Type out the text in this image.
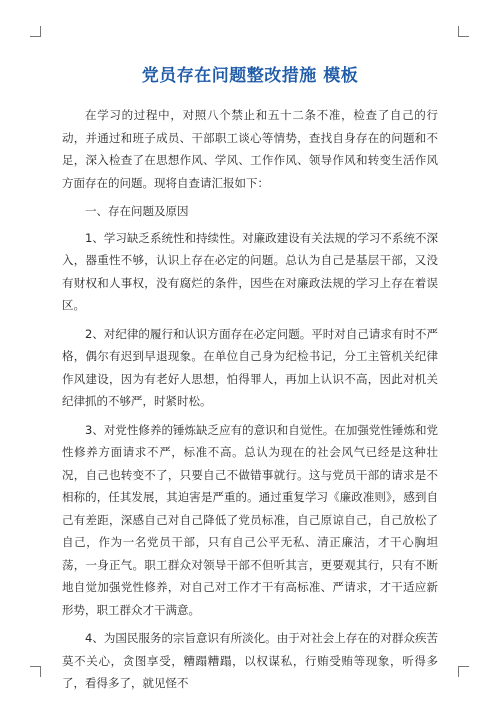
党员存在问题整改措施 模板

在学习的过程中，对照八个禁止和五十二条不准，检查了自己的行动，并通过和班子成员、干部职工谈心等情势，查找自身存在的问题和不足，深入检查了在思想作风、学风、工作作风、领导作风和转变生活作风方面存在的问题。现将自查请汇报如下：

一、存在问题及原因

1、学习缺乏系统性和持续性。对廉政建设有关法规的学习不系统不深入，器重性不够，认识上存在必定的问题。总认为自己是基层干部，又没有财权和人事权，没有腐烂的条件，因些在对廉政法规的学习上存在着误区。

2、对纪律的履行和认识方面存在必定问题。平时对自己请求有时不严格，偶尔有迟到早退现象。在单位自己身为纪检书记，分工主管机关纪律作风建设，因为有老好人思想，怕得罪人，再加上认识不高，因此对机关纪律抓的不够严，时紧时松。

3、对党性修养的锤炼缺乏应有的意识和自觉性。在加强党性锤炼和党性修养方面请求不严，标准不高。总认为现在的社会风气已经是这种壮况，自己也转变不了，只要自己不做错事就行。这与党员干部的请求是不相称的，任其发展，其迫害是严重的。通过重复学习《廉政准则》，感到自己有差距，深感自己对自己降低了党员标准，自己原谅自己，自己放松了自己，作为一名党员干部，只有自己公平无私、清正廉洁，才干心胸坦荡，一身正气。职工群众对领导干部不但听其言，更要观其行，只有不断地自觉加强党性修养，对自己对工作才干有高标准、严请求，才干适应新形势，职工群众才干满意。

4、为国民服务的宗旨意识有所淡化。由于对社会上存在的对群众疾苦莫不关心，贪图享受，糟蹋糟蹋，以权谋私，行贿受贿等现象，听得多了，看得多了，就见怪不
